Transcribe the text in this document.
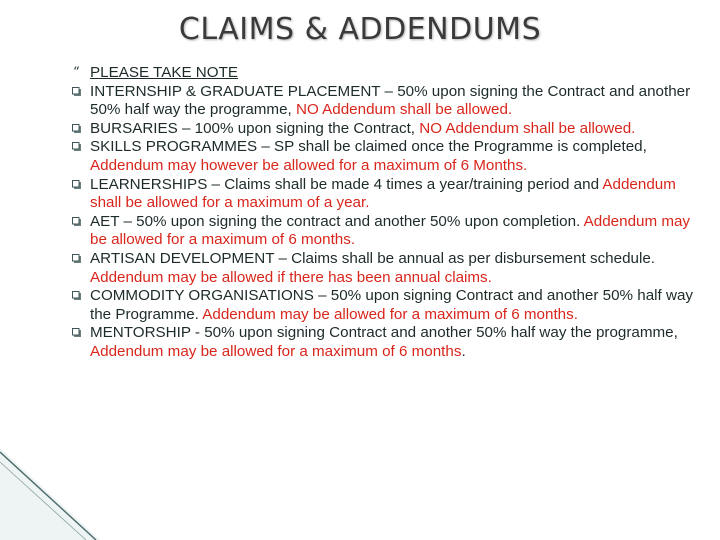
CLAIMS & ADDENDUMS
“ PLEASE TAKE NOTE
INTERNSHIP & GRADUATE PLACEMENT – 50% upon signing the Contract and another 50% half way the programme, NO Addendum shall be allowed.
BURSARIES – 100% upon signing the Contract, NO Addendum shall be allowed.
SKILLS PROGRAMMES – SP shall be claimed once the Programme is completed, Addendum may however be allowed for a maximum of 6 Months.
LEARNERSHIPS – Claims shall be made 4 times a year/training period and Addendum shall be allowed for a maximum of a year.
AET – 50% upon signing the contract and another 50% upon completion. Addendum may be allowed for a maximum of 6 months.
ARTISAN DEVELOPMENT – Claims shall be annual as per disbursement schedule. Addendum may be allowed if there has been annual claims.
COMMODITY ORGANISATIONS – 50% upon signing Contract and another 50% half way the Programme. Addendum may be allowed for a maximum of 6 months.
MENTORSHIP - 50% upon signing Contract and another 50% half way the programme, Addendum may be allowed for a maximum of 6 months.
